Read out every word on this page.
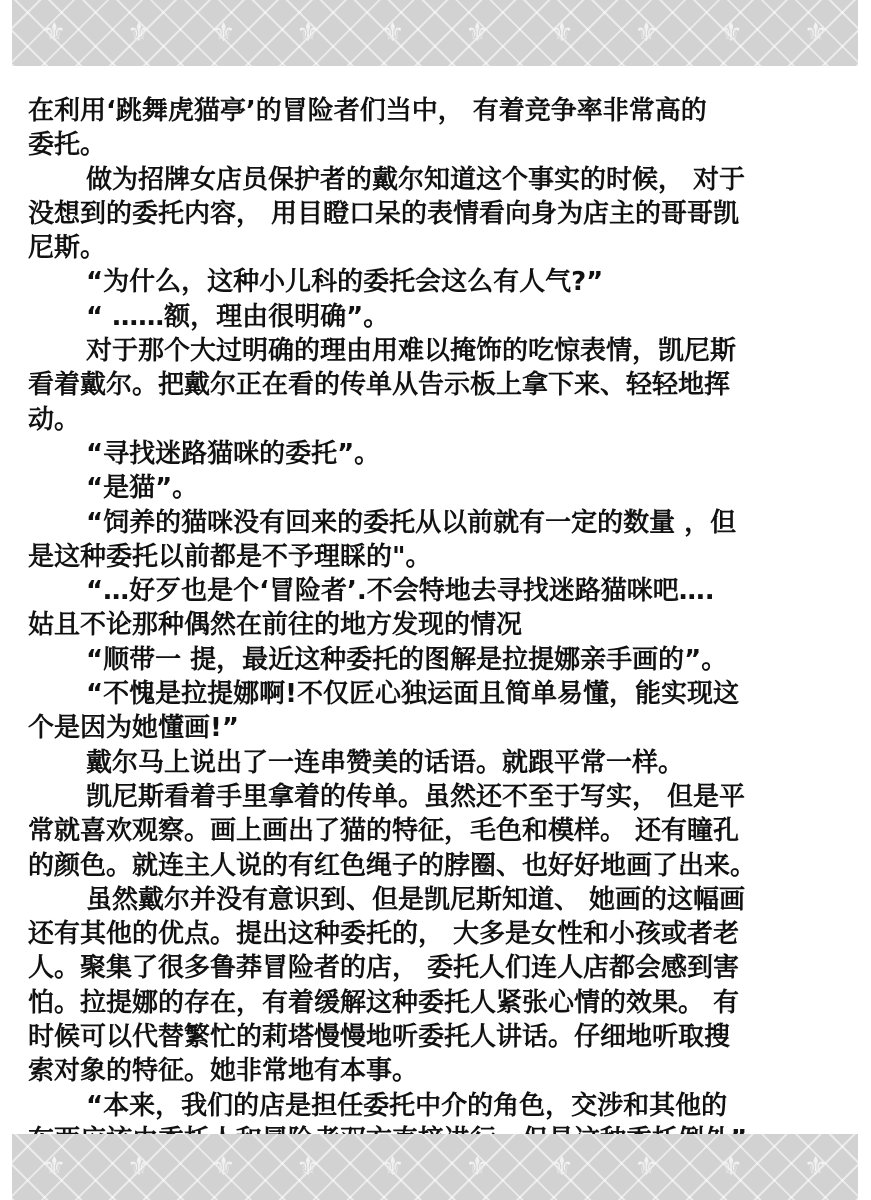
⚜ ⚜ ⚜ ⚜ ⚜ ⚜ ⚜ ⚜ ⚜ ⚜

在利用‘跳舞虎猫亭’的冒险者们当中， 有着竞争率非常高的

委托。

做为招牌女店员保护者的戴尔知道这个事实的时候， 对于

没想到的委托内容， 用目瞪口呆的表情看向身为店主的哥哥凯

尼斯。

“为什么，这种小儿科的委托会这么有人气?”

“ ……额，理由很明确”。

对于那个大过明确的理由用难以掩饰的吃惊表情，凯尼斯

看着戴尔。把戴尔正在看的传单从告示板上拿下来、轻轻地挥

动。

“寻找迷路猫咪的委托”。

“是猫”。

“饲养的猫咪没有回来的委托从以前就有一定的数量 ，但

是这种委托以前都是不予理睬的"。

“…好歹也是个‘冒险者’.不会特地去寻找迷路猫咪吧….

姑且不论那种偶然在前往的地方发现的情况

“顺带一 提，最近这种委托的图解是拉提娜亲手画的”。

“不愧是拉提娜啊!不仅匠心独运面且简单易懂，能实现这

个是因为她懂画!”

戴尔马上说出了一连串赞美的话语。就跟平常一样。

凯尼斯看着手里拿着的传单。虽然还不至于写实， 但是平

常就喜欢观察。画上画出了猫的特征，毛色和模样。 还有瞳孔

的颜色。就连主人说的有红色绳子的脖圈、也好好地画了出来。

虽然戴尔并没有意识到、但是凯尼斯知道、 她画的这幅画

还有其他的优点。提出这种委托的， 大多是女性和小孩或者老

人。聚集了很多鲁莽冒险者的店， 委托人们连人店都会感到害

怕。拉提娜的存在，有着缓解这种委托人紧张心情的效果。 有

时候可以代替繁忙的莉塔慢慢地听委托人讲话。仔细地听取搜

索对象的特征。她非常地有本事。

“本来，我们的店是担任委托中介的角色，交涉和其他的

⚜ ⚜ ⚜ ⚜ ⚜ ⚜ ⚜ ⚜ ⚜ ⚜
